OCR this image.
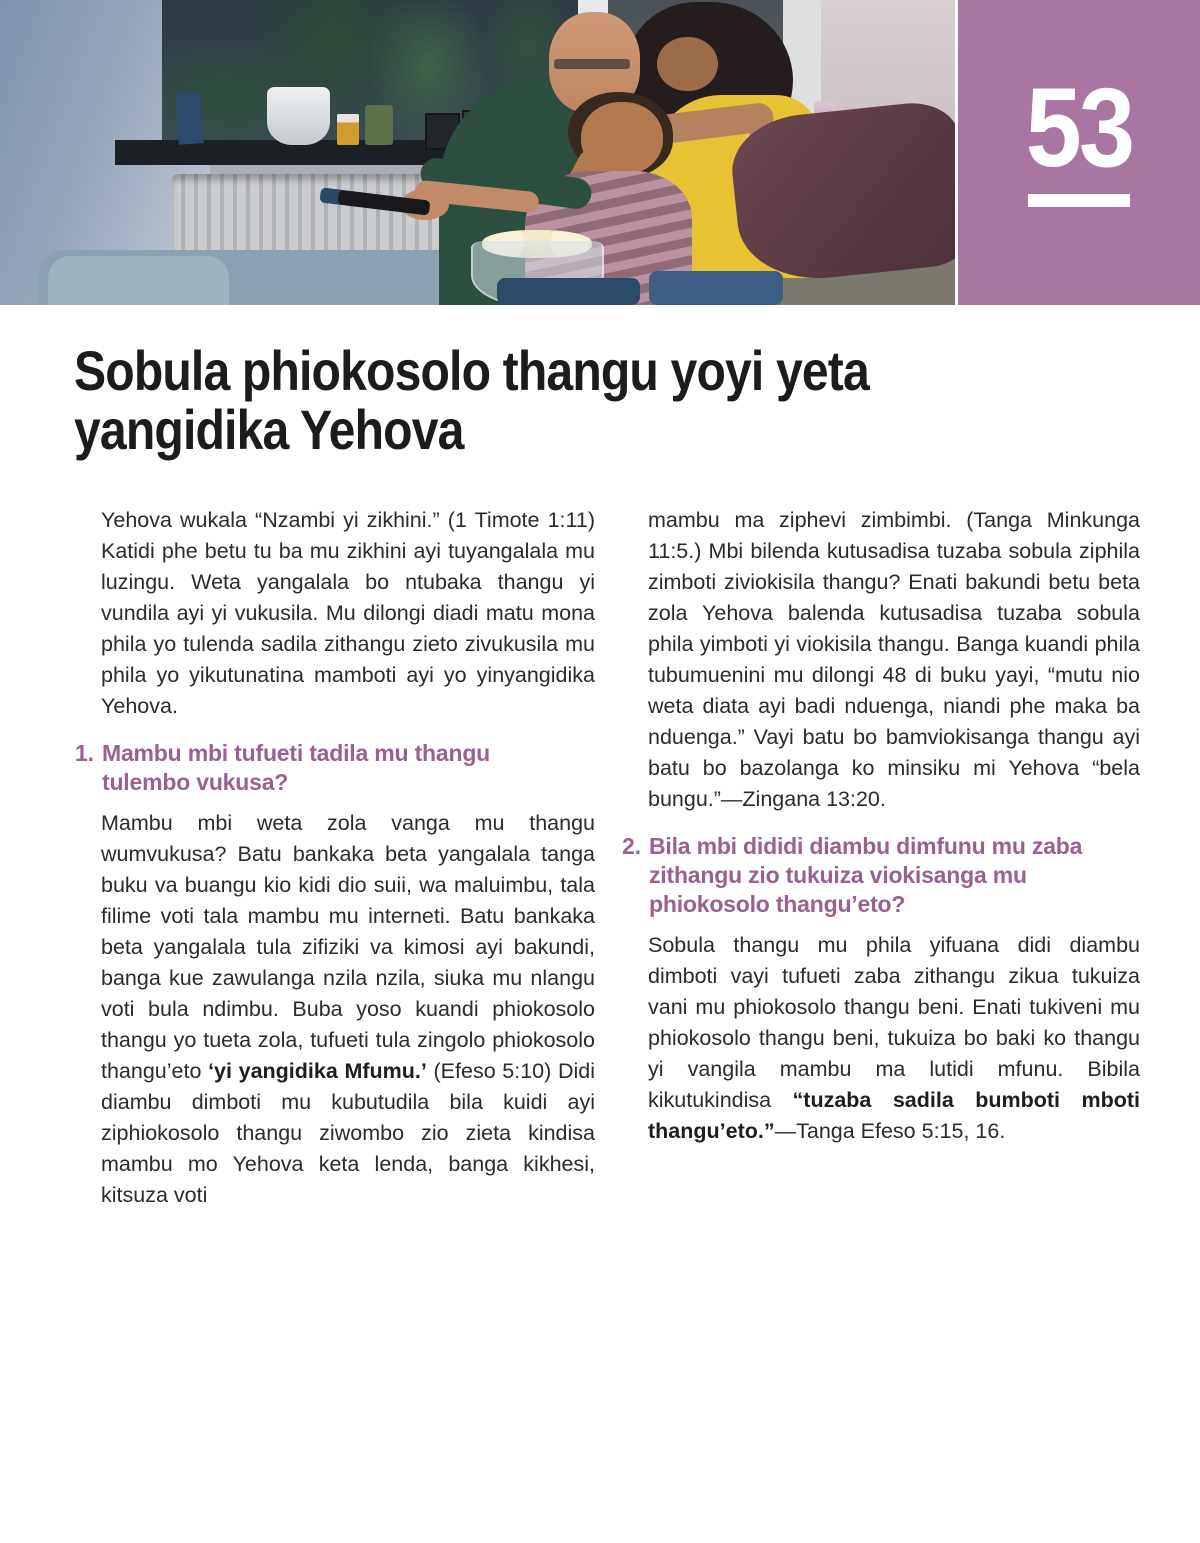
53
Sobula phiokosolo thangu yoyi yeta yangidika Yehova

Yehova wukala “Nzambi yi zikhini.” (1 Timote 1:11) Katidi phe betu tu ba mu zikhini ayi tuyangalala mu luzingu. Weta yangalala bo ntubaka thangu yi vundila ayi yi vukusila. Mu dilongi diadi matu mona phila yo tulenda sadila zithangu zieto zivukusila mu phila yo yikutunatina mamboti ayi yo yinyangidika Yehova.

1. Mambu mbi tufueti tadila mu thangu tulembo vukusa?

Mambu mbi weta zola vanga mu thangu wumvukusa? Batu bankaka beta yangalala tanga buku va buangu kio kidi dio suii, wa maluimbu, tala filime voti tala mambu mu interneti. Batu bankaka beta yangalala tula zifiziki va kimosi ayi bakundi, banga kue zawulanga nzila nzila, siuka mu nlangu voti bula ndimbu. Buba yoso kuandi phiokosolo thangu yo tueta zola, tufueti tula zingolo phiokosolo thangu’eto ‘yi yangidika Mfumu.’ (Efeso 5:10) Didi diambu dimboti mu kubutudila bila kuidi ayi ziphiokosolo thangu ziwombo zio zieta kindisa mambu mo Yehova keta lenda, banga kikhesi, kitsuza voti

mambu ma ziphevi zimbimbi. (Tanga Minkunga 11:5.) Mbi bilenda kutusadisa tuzaba sobula ziphila zimboti ziviokisila thangu? Enati bakundi betu beta zola Yehova balenda kutusadisa tuzaba sobula phila yimboti yi viokisila thangu. Banga kuandi phila tubumuenini mu dilongi 48 di buku yayi, “mutu nio weta diata ayi badi nduenga, niandi phe maka ba nduenga.” Vayi batu bo bamviokisanga thangu ayi batu bo bazolanga ko minsiku mi Yehova “bela bungu.”—Zingana 13:20.

2. Bila mbi dididi diambu dimfunu mu zaba zithangu zio tukuiza viokisanga mu phiokosolo thangu’eto?

Sobula thangu mu phila yifuana didi diambu dimboti vayi tufueti zaba zithangu zikua tukuiza vani mu phiokosolo thangu beni. Enati tukiveni mu phiokosolo thangu beni, tukuiza bo baki ko thangu yi vangila mambu ma lutidi mfunu. Bibila kikutukindisa “tuzaba sadila bumboti mboti thangu’eto.”—Tanga Efeso 5:15, 16.
